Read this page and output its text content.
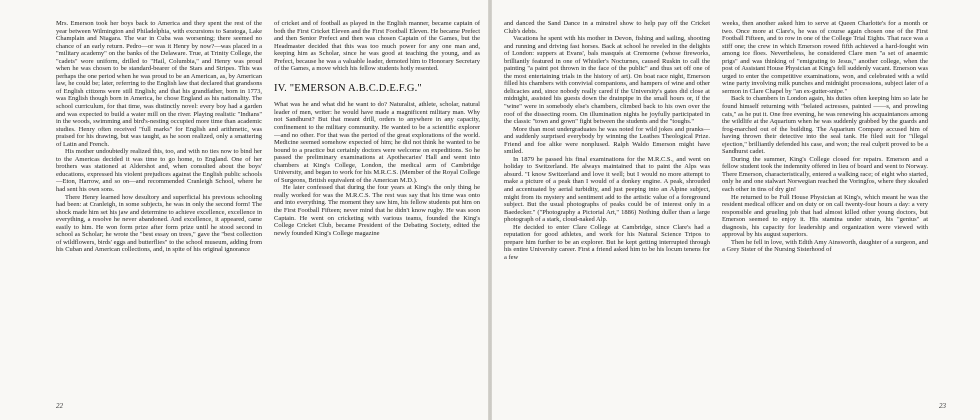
Mrs. Emerson took her boys back to America and they spent the rest of the year between Wilmington and Philadelphia, with excursions to Saratoga, Lake Champlain and Niagara. The war in Cuba was worsening; there seemed no chance of an early return. Pedro—or was it Henry by now?—was placed in a "military academy" on the banks of the Delaware. True, at Trinity College, the "cadets" wore uniform, drilled to "Hail, Columbia," and Henry was proud when he was chosen to be standard-bearer of the Stars and Stripes. This was perhaps the one period when he was proud to be an American, as, by American law, he could be; later, referring to the English law that declared that grandsons of English citizens were still English; and that his grandfather, born in 1773, was English though born in America, he chose England as his nationality. The school curriculum, for that time, was distinctly novel: every boy had a garden and was expected to build a water mill on the river. Playing realistic "Indians" in the woods, swimming and bird's-nesting occupied more time than academic studies. Henry often received "full marks" for English and arithmetic, was praised for his drawing, but was taught, as he soon realized, only a smattering of Latin and French.

His mother undoubtedly realized this, too, and with no ties now to bind her to the Americas decided it was time to go home, to England. One of her brothers was stationed at Aldershot and, when consulted about the boys' educations, expressed his violent prejudices against the English public schools—Eton, Harrow, and so on—and recommended Cranleigh School, where he had sent his own sons.

There Henry learned how desultory and superficial his previous schooling had been: at Cranleigh, in some subjects, he was in only the second form! The shock made him set his jaw and determine to achieve excellence, excellence in everything, a resolve he never abandoned. And excellence, it appeared, came easily to him. He won form prize after form prize until he stood second in school as Scholar; he wrote the "best essay on trees," gave the "best collection of wildflowers, birds' eggs and butterflies" to the school museum, adding from his Cuban and American collections, and, in spite of his original ignorance

of cricket and of football as played in the English manner, became captain of both the First Cricket Eleven and the First Football Eleven. He became Prefect and then Senior Prefect and then was chosen Captain of the Games, but the Headmaster decided that this was too much power for any one man and, keeping him as Scholar, since he was good at teaching the young, and as Prefect, because he was a valuable leader, demoted him to Honorary Secretary of the Games, a move which his fellow students hotly resented.

IV. "EMERSON A.B.C.D.E.F.G."

What was he and what did he want to do? Naturalist, athlete, scholar, natural leader of men, writer: he would have made a magnificent military man. Why not Sandhurst? But that meant drill, orders to anywhere in any capacity, confinement to the military community. He wanted to be a scientific explorer—and no other. For that was the period of the great explorations of the world. Medicine seemed somehow expected of him; he did not think he wanted to be bound to a practice but certainly doctors were welcome on expeditions. So he passed the preliminary examinations at Apothecaries' Hall and went into chambers at King's College, London, the medical arm of Cambridge University, and began to work for his M.R.C.S. (Member of the Royal College of Surgeons, British equivalent of the American M.D.).

He later confessed that during the four years at King's the only thing he really worked for was the M.R.C.S. The rest was say that his time was onto and into everything. The moment they saw him, his fellow students put him on the First Football Fifteen; never mind that he didn't know rugby. He was soon Captain. He went on cricketing with various teams, founded the King's College Cricket Club, became President of the Debating Society, edited the newly founded King's College magazine

22

and danced the Sand Dance in a minstrel show to help pay off the Cricket Club's debts.

Vacations he spent with his mother in Devon, fishing and sailing, shooting and running and driving fast horses. Back at school he reveled in the delights of London: suppers at Evans', bals masqués at Cremorne (whose fireworks, brilliantly featured in one of Whistler's Nocturnes, caused Ruskin to call the painting "a paint pot thrown in the face of the public" and thus set off one of the most entertaining trials in the history of art). On boat race night, Emerson filled his chambers with convivial companions, and hampers of wine and other delicacies and, since nobody really cared if the University's gates did close at midnight, assisted his guests down the drainpipe in the small hours or, if the "wine" were in somebody else's chambers, climbed back to his own over the roof of the dissecting room. On illumination nights he joyfully participated in the classic "town and gown" fight between the students and the "toughs."

More than most undergraduates he was noted for wild jokes and pranks—and suddenly surprised everybody by winning the Leathes Theological Prize. Friend and foe alike were nonplused. Ralph Waldo Emerson might have smiled.

In 1879 he passed his final examinations for the M.R.C.S., and went on holiday to Switzerland. He always maintained that to paint the Alps was absurd. "I know Switzerland and love it well; but I would no more attempt to make a picture of a peak than I would of a donkey engine. A peak, shrouded and accentuated by aerial turbidity, and just peeping into an Alpine subject, might from its mystery and sentiment add to the artistic value of a foreground subject. But the usual photographs of peaks could be of interest only in a Baedecker." ("Photography a Pictorial Art," 1886) Nothing duller than a large photograph of a stark, cloud-naked Alp.

He decided to enter Clare College at Cambridge, since Clare's had a reputation for good athletes, and work for his Natural Science Tripos to prepare him further to be an explorer. But he kept getting interrupted through his entire University career. First a friend asked him to be his locum tenens for a few

weeks, then another asked him to serve at Queen Charlotte's for a month or two. Once more at Clare's, he was of course again chosen one of the First Football Fifteen, and to row in one of the College Trial Eights. That race was a stiff one; the crew in which Emerson rowed fifth achieved a hard-fought win among ice floes. Nevertheless, he considered Clare men "a set of anaemic prigs" and was thinking of "emigrating to Jesus," another college, when the post of Assistant House Physician at King's fell suddenly vacant. Emerson was urged to enter the competitive examinations, won, and celebrated with a wild wine party involving milk punches and midnight processions, subject later of a sermon in Clare Chapel by "an ex-gutter-snipe."

Back to chambers in London again, his duties often keeping him so late he found himself returning with "belated actresses, painted ——s, and prowling cats," as he put it. One free evening, he was renewing his acquaintances among the wildlife at the Aquarium when he was suddenly grabbed by the guards and frog-marched out of the building. The Aquarium Company accused him of having thrown their detective into the seal tank. He filed suit for "illegal ejection," brilliantly defended his case, and won; the real culprit proved to be a Sandhurst cadet.

During the summer, King's College closed for repairs. Emerson and a fellow student took the indemnity offered in lieu of board and went to Norway. There Emerson, characteristically, entered a walking race; of eight who started, only he and one stalwart Norwegian reached the Voringfos, where they skoaled each other in tins of dry gin!

He returned to be Full House Physician at King's, which meant he was the resident medical officer and on duty or on call twenty-four hours a day: a very responsible and grueling job that had almost killed other young doctors, but Emerson seemed to enjoy it. His stamina under strain, his "genius" at diagnosis, his capacity for leadership and organization were viewed with approval by his august superiors.

Then he fell in love, with Edith Amy Ainsworth, daughter of a surgeon, and a Grey Sister of the Nursing Sisterhood of

23
